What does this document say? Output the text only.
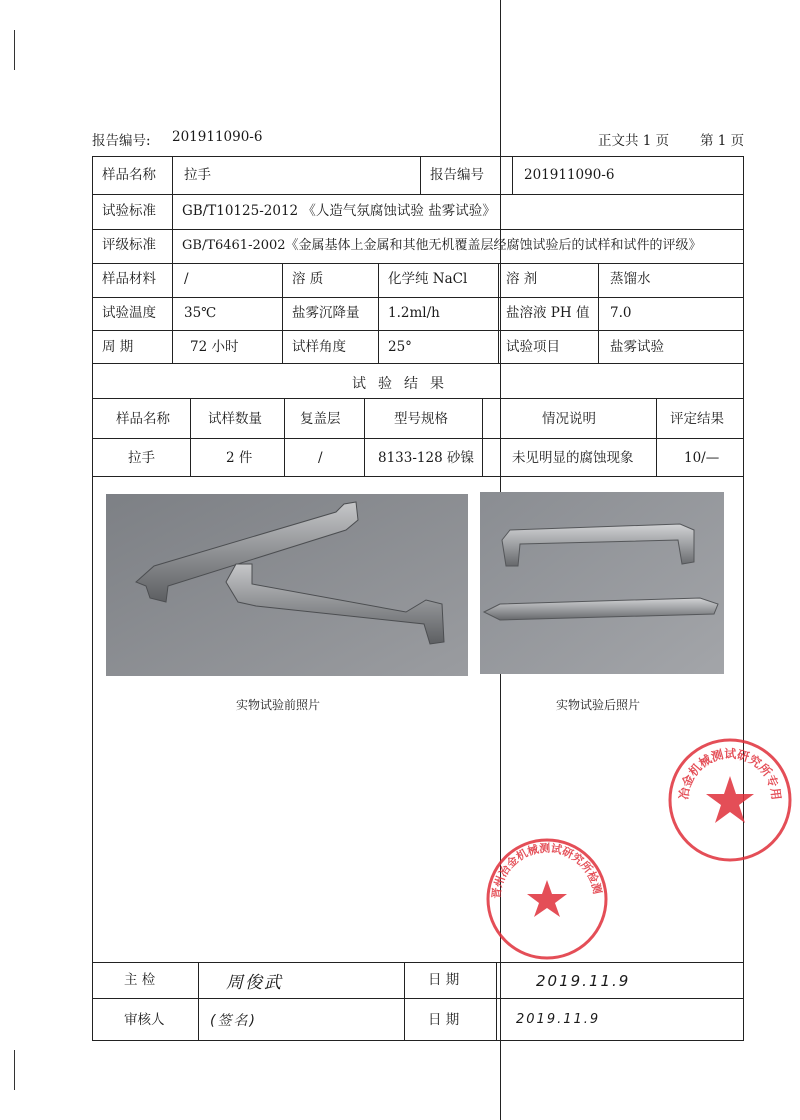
报告编号: 201911090-6	正文共 1 页 第 1 页
样品名称 拉手	报告编号	201911090-6
试验标准 GB/T10125-2012 《人造气氛腐蚀试验 盐雾试验》
评级标准 GB/T6461-2002《金属基体上金属和其他无机覆盖层经腐蚀试验后的试样和试件的评级》
样品材料 /	溶 质	化学纯 NaCl	溶 剂	蒸馏水
试验温度 35℃	盐雾沉降量 1.2ml/h	盐溶液 PH 值 7.0
周 期	72 小时	试样角度	25°	试验项目	盐雾试验
试验结果
样品名称	试样数量	复盖层	型号规格	情况说明	评定结果
拉手	2 件	/	8133-128 砂镍	未见明显的腐蚀现象	10/—
实物试验前照片	实物试验后照片
主 检	周俊武	日 期	2019.11.9
审核人	(签名)	日 期	2019.11.9
冶金机械测试研究所专用
晋州冶金机械测试研究所检测
